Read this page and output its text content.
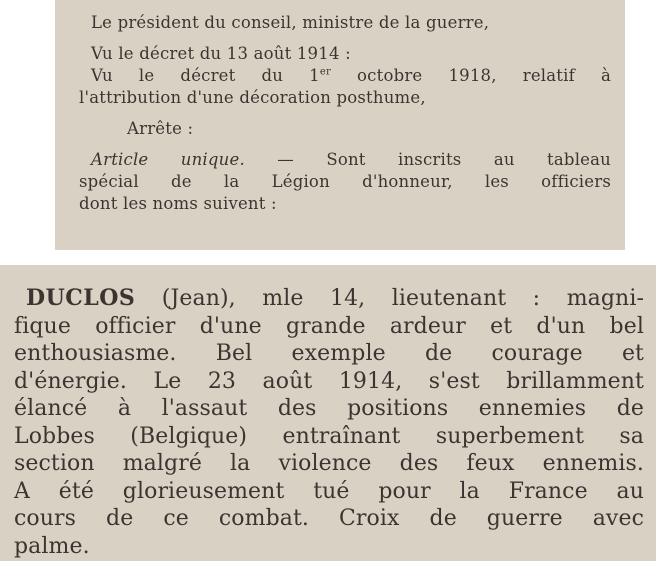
Le président du conseil, ministre de la guerre,
Vu le décret du 13 août 1914 :
Vu le décret du 1er octobre 1918, relatif à
l'attribution d'une décoration posthume,
Arrête :
Article unique. — Sont inscrits au tableau
spécial de la Légion d'honneur, les officiers
dont les noms suivent :
DUCLOS (Jean), mle 14, lieutenant : magni-
fique officier d'une grande ardeur et d'un bel
enthousiasme. Bel exemple de courage et
d'énergie. Le 23 août 1914, s'est brillamment
élancé à l'assaut des positions ennemies de
Lobbes (Belgique) entraînant superbement sa
section malgré la violence des feux ennemis.
A été glorieusement tué pour la France au
cours de ce combat. Croix de guerre avec
palme.
